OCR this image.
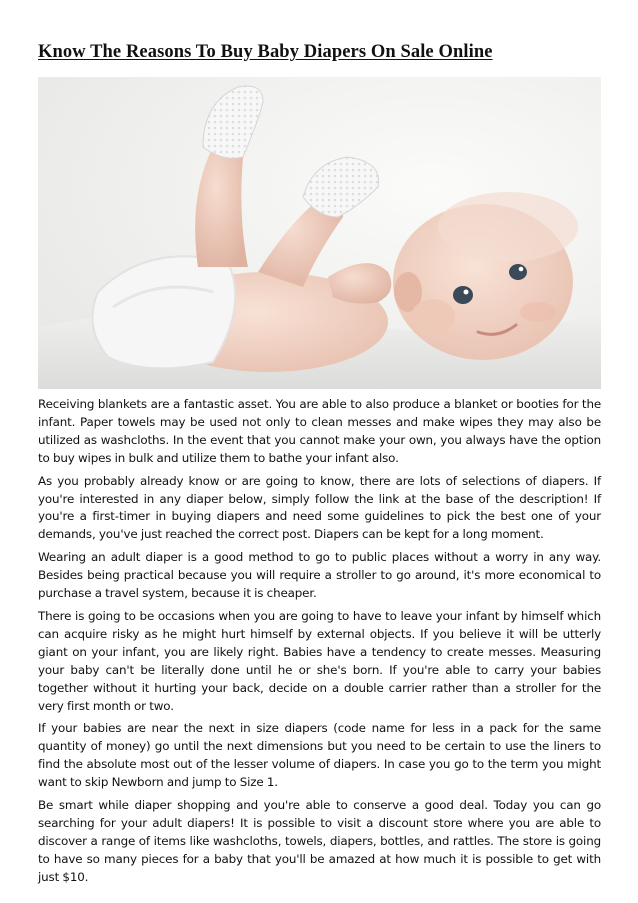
Know The Reasons To Buy Baby Diapers On Sale Online

Receiving blankets are a fantastic asset. You are able to also produce a blanket or booties for the infant. Paper towels may be used not only to clean messes and make wipes they may also be utilized as washcloths. In the event that you cannot make your own, you always have the option to buy wipes in bulk and utilize them to bathe your infant also.

As you probably already know or are going to know, there are lots of selections of diapers. If you're interested in any diaper below, simply follow the link at the base of the description! If you're a first-timer in buying diapers and need some guidelines to pick the best one of your demands, you've just reached the correct post. Diapers can be kept for a long moment.

Wearing an adult diaper is a good method to go to public places without a worry in any way. Besides being practical because you will require a stroller to go around, it's more economical to purchase a travel system, because it is cheaper.

There is going to be occasions when you are going to have to leave your infant by himself which can acquire risky as he might hurt himself by external objects. If you believe it will be utterly giant on your infant, you are likely right. Babies have a tendency to create messes. Measuring your baby can't be literally done until he or she's born. If you're able to carry your babies together without it hurting your back, decide on a double carrier rather than a stroller for the very first month or two.

If your babies are near the next in size diapers (code name for less in a pack for the same quantity of money) go until the next dimensions but you need to be certain to use the liners to find the absolute most out of the lesser volume of diapers. In case you go to the term you might want to skip Newborn and jump to Size 1.

Be smart while diaper shopping and you're able to conserve a good deal. Today you can go searching for your adult diapers! It is possible to visit a discount store where you are able to discover a range of items like washcloths, towels, diapers, bottles, and rattles. The store is going to have so many pieces for a baby that you'll be amazed at how much it is possible to get with just $10.
